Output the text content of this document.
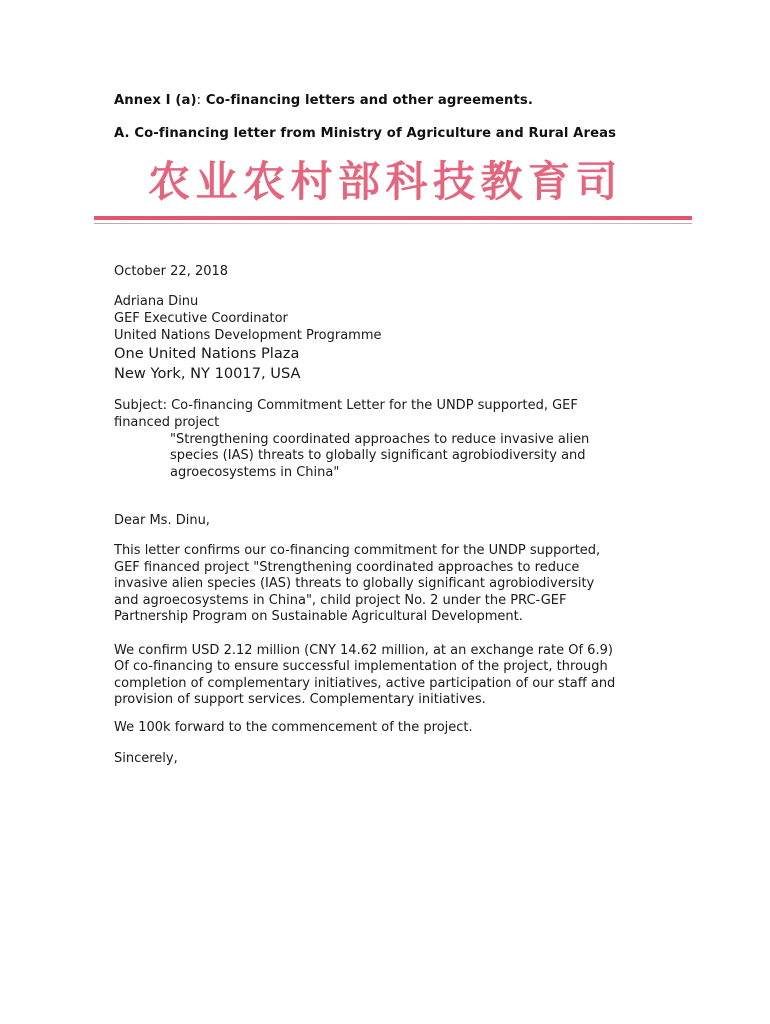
Annex I (a): Co-financing letters and other agreements.
A. Co-financing letter from Ministry of Agriculture and Rural Areas
农业农村部科技教育司
October 22, 2018
Adriana Dinu
GEF Executive Coordinator
United Nations Development Programme
One United Nations Plaza
New York, NY 10017, USA
Subject: Co-financing Commitment Letter for the UNDP supported, GEF
financed project
"Strengthening coordinated approaches to reduce invasive alien
species (IAS) threats to globally significant agrobiodiversity and
agroecosystems in China"
Dear Ms. Dinu,
This letter confirms our co-financing commitment for the UNDP supported,
GEF financed project "Strengthening coordinated approaches to reduce
invasive alien species (IAS) threats to globally significant agrobiodiversity
and agroecosystems in China", child project No. 2 under the PRC-GEF
Partnership Program on Sustainable Agricultural Development.
We confirm USD 2.12 million (CNY 14.62 million, at an exchange rate Of 6.9)
Of co-financing to ensure successful implementation of the project, through
completion of complementary initiatives, active participation of our staff and
provision of support services. Complementary initiatives.
We 100k forward to the commencement of the project.
Sincerely,
